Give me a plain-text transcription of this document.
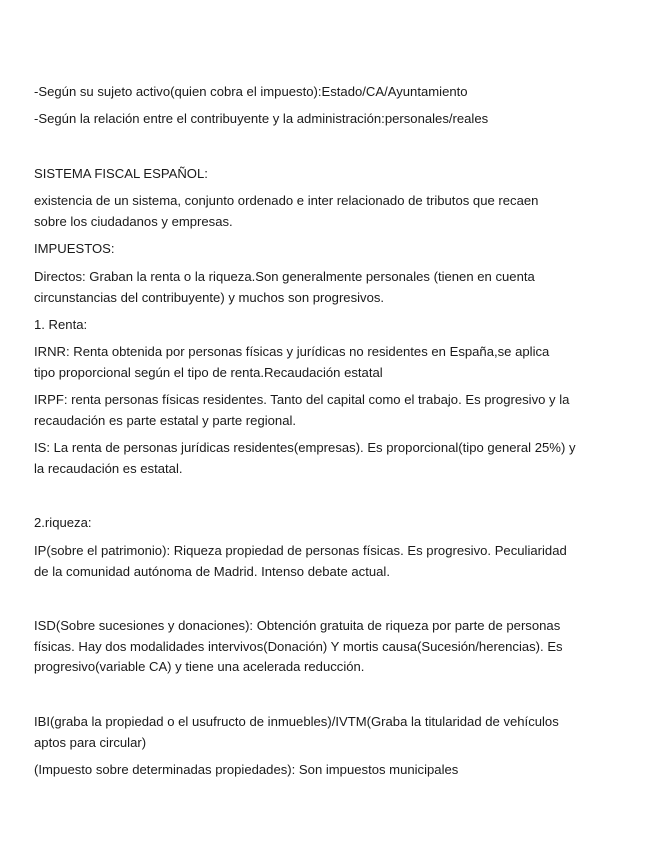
-Según su sujeto activo(quien cobra el impuesto):Estado/CA/Ayuntamiento

-Según la relación entre el contribuyente y la administración:personales/reales

SISTEMA FISCAL ESPAÑOL:

existencia de un sistema, conjunto ordenado e inter relacionado de tributos que recaen
sobre los ciudadanos y empresas.

IMPUESTOS:

Directos: Graban la renta o la riqueza.Son generalmente personales (tienen en cuenta
circunstancias del contribuyente) y muchos son progresivos.

1. Renta:

IRNR: Renta obtenida por personas físicas y jurídicas no residentes en España,se aplica
tipo proporcional según el tipo de renta.Recaudación estatal

IRPF: renta personas físicas residentes. Tanto del capital como el trabajo. Es progresivo y la
recaudación es parte estatal y parte regional.

IS: La renta de personas jurídicas residentes(empresas). Es proporcional(tipo general 25%) y
la recaudación es estatal.

2.riqueza:

IP(sobre el patrimonio): Riqueza propiedad de personas físicas. Es progresivo. Peculiaridad
de la comunidad autónoma de Madrid. Intenso debate actual.

ISD(Sobre sucesiones y donaciones): Obtención gratuita de riqueza por parte de personas
físicas. Hay dos modalidades intervivos(Donación) Y mortis causa(Sucesión/herencias). Es
progresivo(variable CA) y tiene una acelerada reducción.

IBI(graba la propiedad o el usufructo de inmuebles)/IVTM(Graba la titularidad de vehículos
aptos para circular)

(Impuesto sobre determinadas propiedades): Son impuestos municipales
